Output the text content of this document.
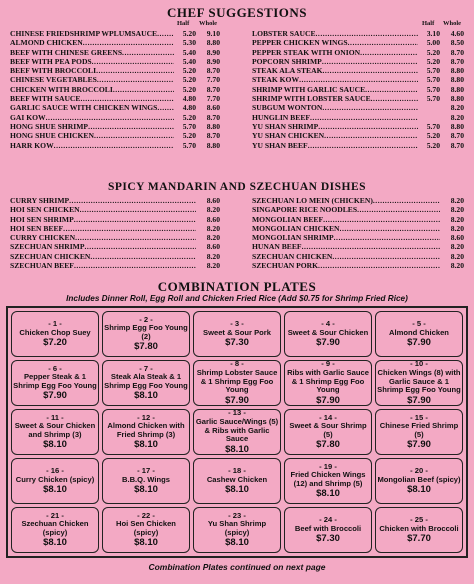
CHEF SUGGESTIONS
Half Whole	Half Whole
CHINESE FRIEDSHRIMP WPLUMSAUCE .....	5.20	9.10
ALMOND CHICKEN .....	5.30	8.80
BEEF WITH CHINESE GREENS .....	5.40	8.90
BEEF WITH PEA PODS .....	5.40	8.90
BEEF WITH BROCCOLI .....	5.20	8.70
CHINESE VEGETABLES .....	5.20	7.70
CHICKEN WITH BROCCOLI .....	5.20	8.70
BEEF WITH SAUCE .....	4.80	7.70
GARLIC SAUCE WITH CHICKEN WINGS .....	4.80	8.60
GAI KOW .....	5.20	8.70
HONG SHUE SHRIMP .....	5.70	8.80
HONG SHUE CHICKEN .....	5.20	8.70
HARR KOW .....	5.70	8.80
LOBSTER SAUCE .....	3.10	4.60
PEPPER CHICKEN WINGS .....	5.00	8.50
PEPPER STEAK WITH ONION .....	5.20	8.70
POPCORN SHRIMP .....	5.20	8.70
STEAK ALA STEAK .....	5.70	8.80
STEAK KOW .....	5.70	8.80
SHRIMP WITH GARLIC SAUCE .....	5.70	8.80
SHRIMP WITH LOBSTER SAUCE .....	5.70	8.80
SUBGUM WONTON .....	8.20
HUNGLIN BEEF .....	8.20
YU SHAN SHRIMP .....	5.70	8.80
YU SHAN CHICKEN .....	5.20	8.70
YU SHAN BEEF .....	5.20	8.70
SPICY MANDARIN AND SZECHUAN DISHES
CURRY SHRIMP .....	8.60
HOI SEN CHICKEN .....	8.20
HOI SEN SHRIMP .....	8.60
HOI SEN BEEF .....	8.20
CURRY CHICKEN .....	8.20
SZECHUAN SHRIMP .....	8.60
SZECHUAN CHICKEN .....	8.20
SZECHUAN BEEF .....	8.20
SZECHUAN LO MEIN (CHICKEN) .....	8.20
SINGAPORE RICE NOODLES .....	8.20
MONGOLIAN BEEF .....	8.20
MONGOLIAN CHICKEN .....	8.20
MONGOLIAN SHRIMP .....	8.60
HUNAN BEEF .....	8.20
SZECHUAN CHICKEN .....	8.20
SZECHUAN PORK .....	8.20
COMBINATION PLATES
Includes Dinner Roll, Egg Roll and Chicken Fried Rice (Add $0.75 for Shrimp Fried Rice)
- 1 -
Chicken Chop Suey
$7.20
- 2 -
Shrimp Egg Foo Young (2)
$7.80
- 3 -
Sweet & Sour Pork
$7.30
- 4 -
Sweet & Sour Chicken
$7.90
- 5 -
Almond Chicken
$7.90
- 6 -
Pepper Steak & 1 Shrimp Egg Foo Young
$7.90
- 7 -
Steak Ala Steak & 1 Shrimp Egg Foo Young
$8.10
- 8 -
Shrimp Lobster Sauce & 1 Shrimp Egg Foo Young
$7.90
- 9 -
Ribs with Garlic Sauce & 1 Shrimp Egg Foo Young
$7.90
- 10 -
Chicken Wings (8) with Garlic Sauce & 1 Shrimp Egg Foo Young
$7.90
- 11 -
Sweet & Sour Chicken and Shrimp (3)
$8.10
- 12 -
Almond Chicken with Fried Shrimp (3)
$8.10
- 13 -
Garlic Sauce/Wings (5) & Ribs with Garlic Sauce
$8.10
- 14 -
Sweet & Sour Shrimp (5)
$7.80
- 15 -
Chinese Fried Shrimp (5)
$7.90
- 16 -
Curry Chicken (spicy)
$8.10
- 17 -
B.B.Q. Wings
$8.10
- 18 -
Cashew Chicken
$8.10
- 19 -
Fried Chicken Wings (12) and Shrimp (5)
$8.10
- 20 -
Mongolian Beef (spicy)
$8.10
- 21 -
Szechuan Chicken (spicy)
$8.10
- 22 -
Hoi Sen Chicken (spicy)
$8.10
- 23 -
Yu Shan Shrimp (spicy)
$8.10
- 24 -
Beef with Broccoli
$7.30
- 25 -
Chicken with Broccoli
$7.70
Combination Plates continued on next page
